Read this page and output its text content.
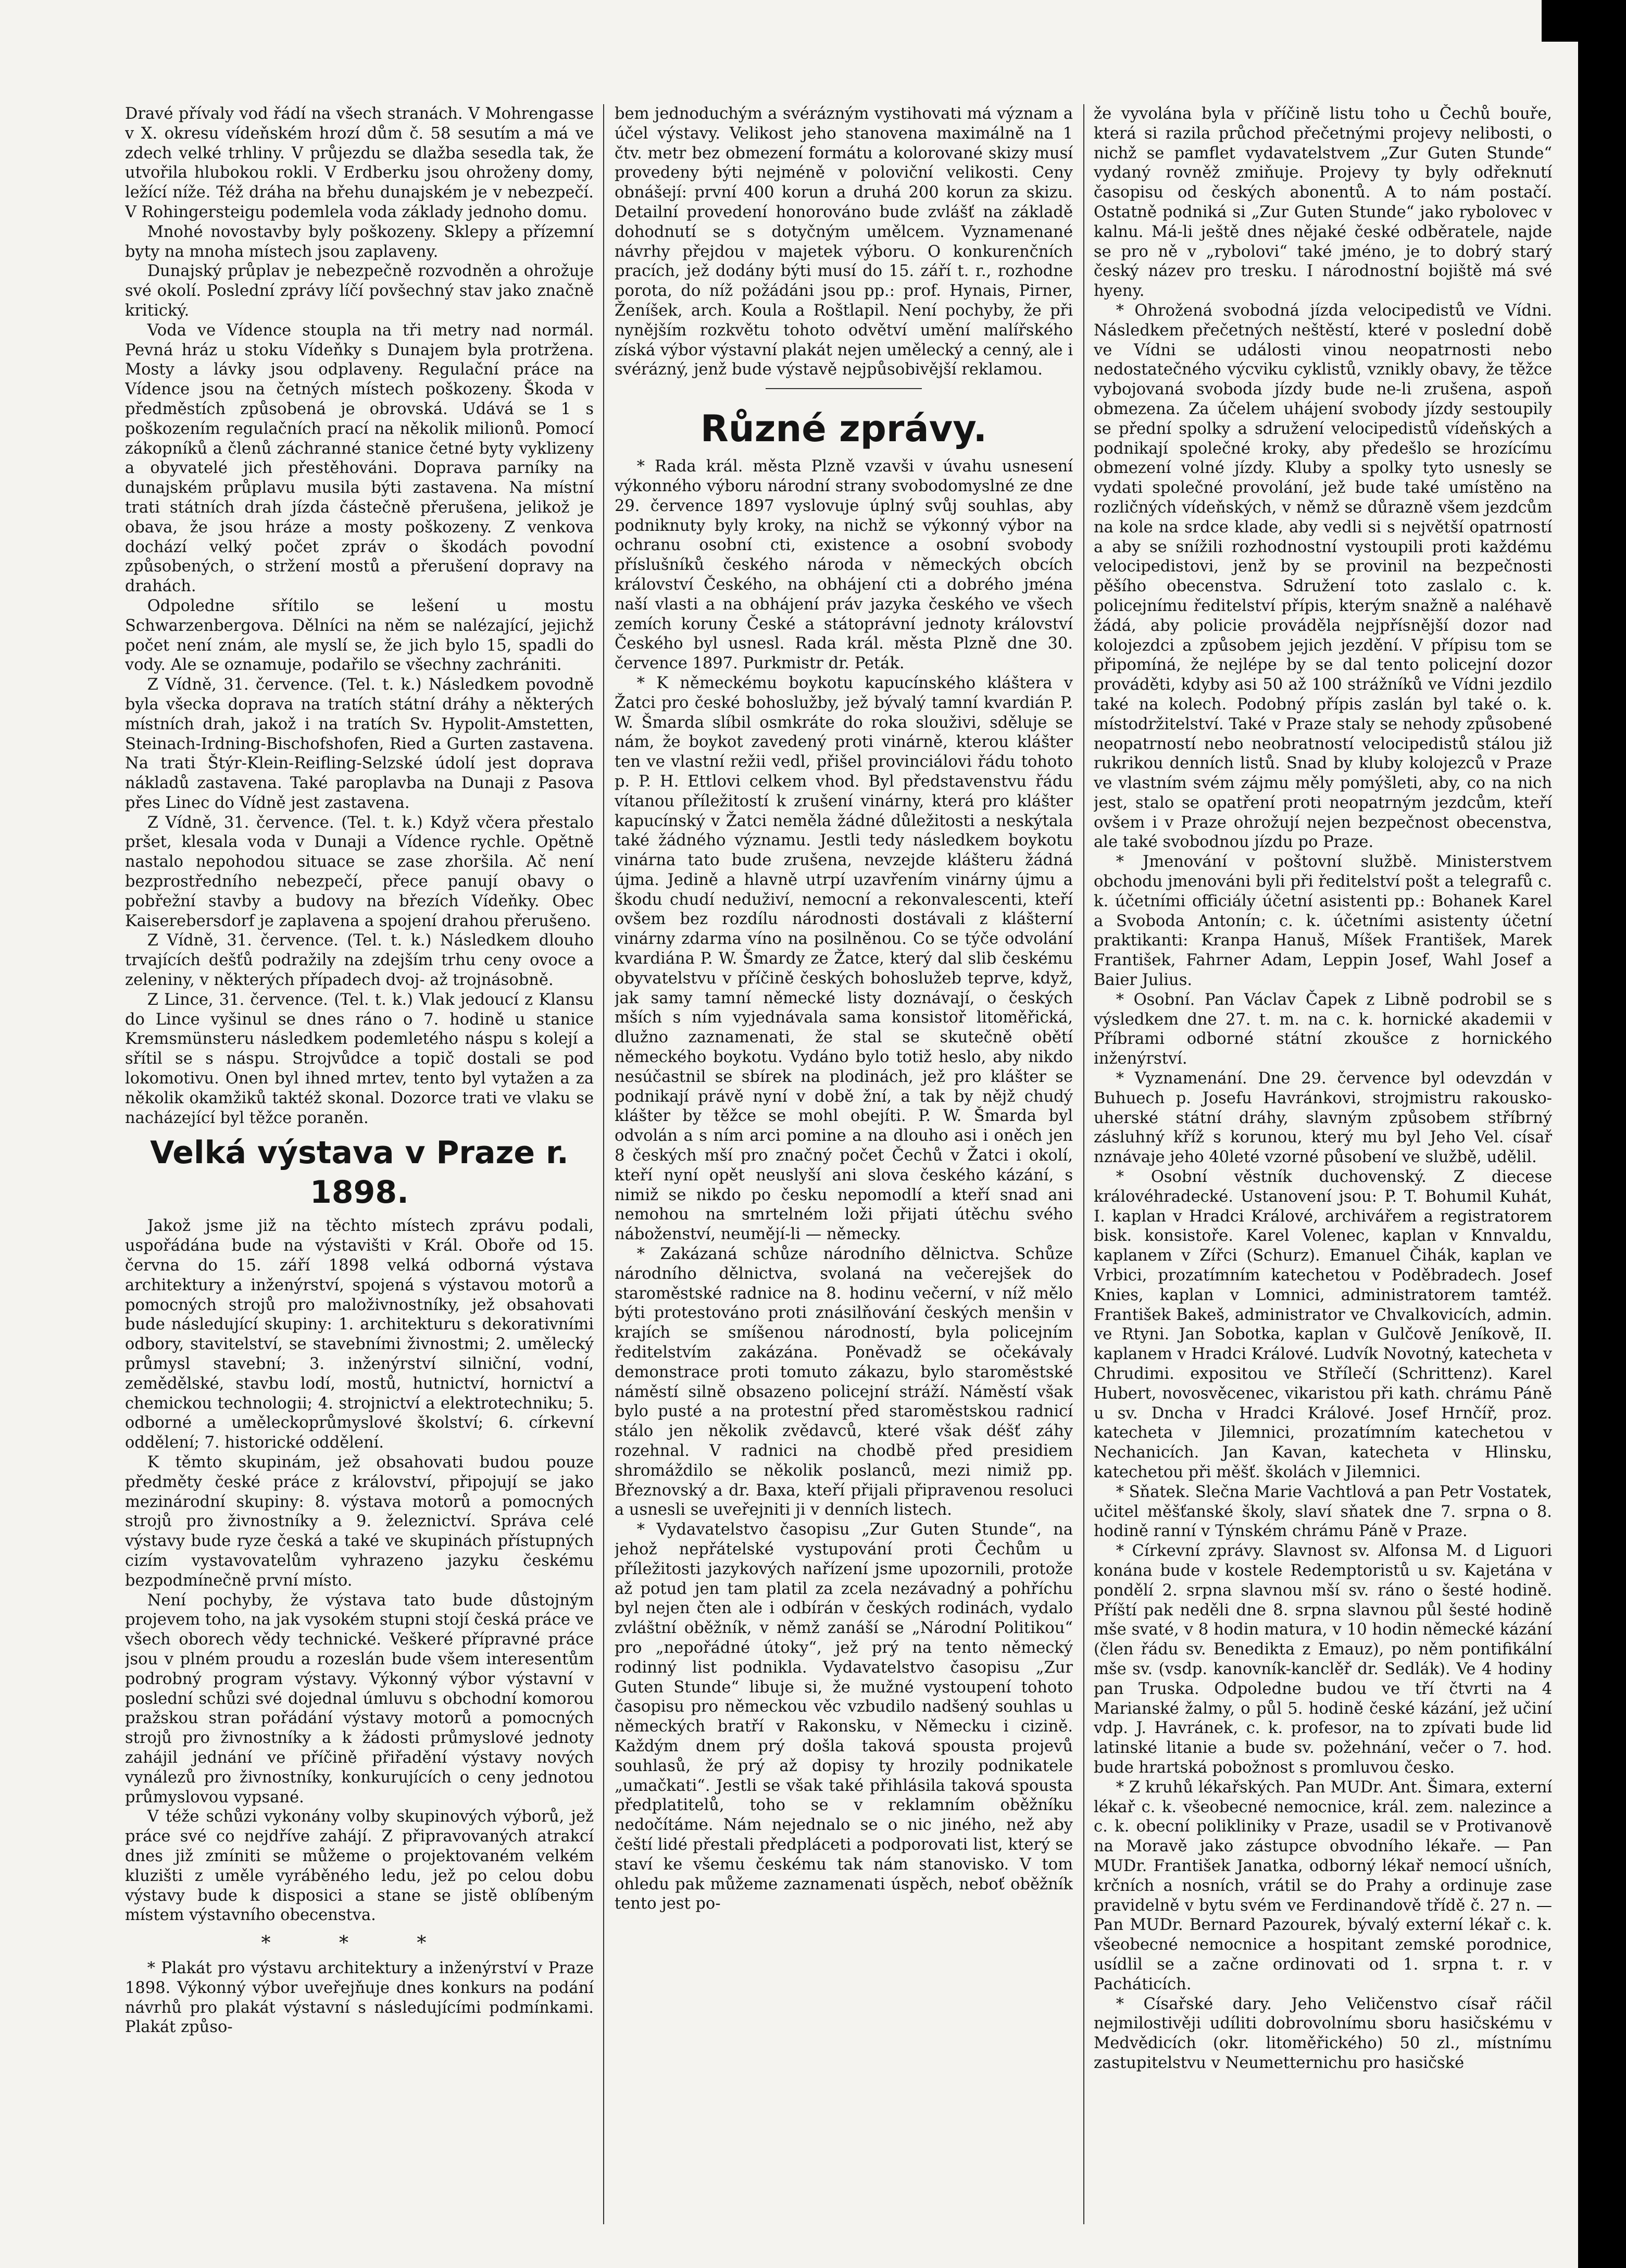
Dravé přívaly vod řádí na všech stranách. V Mohrengasse v X. okresu vídeňském hrozí dům č. 58 sesutím a má ve zdech velké trhliny. V průjezdu se dlažba sesedla tak, že utvořila hlubokou rokli. V Erdberku jsou ohroženy domy, ležící níže. Též dráha na břehu dunajském je v nebezpečí. V Rohingersteigu podemlela voda základy jednoho domu.

Mnohé novostavby byly poškozeny. Sklepy a přízemní byty na mnoha místech jsou zaplaveny.

Dunajský průplav je nebezpečně rozvodněn a ohrožuje své okolí. Poslední zprávy líčí povšechný stav jako značně kritický.

Voda ve Vídence stoupla na tři metry nad normál. Pevná hráz u stoku Vídeňky s Dunajem byla protržena. Mosty a lávky jsou odplaveny. Regulační práce na Vídence jsou na četných místech poškozeny. Škoda v předměstích způsobená je obrovská. Udává se 1 s poškozením regulačních prací na několik milionů. Pomocí zákopníků a členů záchranné stanice četné byty vyklizeny a obyvatelé jich přestěhováni. Doprava parníky na dunajském průplavu musila býti zastavena. Na místní trati státních drah jízda částečně přerušena, jelikož je obava, že jsou hráze a mosty poškozeny. Z venkova dochází velký počet zpráv o škodách povodní způsobených, o stržení mostů a přerušení dopravy na drahách.

Odpoledne sřítilo se lešení u mostu Schwarzenbergova. Dělníci na něm se nalézající, jejichž počet není znám, ale myslí se, že jich bylo 15, spadli do vody. Ale se oznamuje, podařilo se všechny zachrániti.

Z Vídně, 31. července. (Tel. t. k.) Následkem povodně byla všecka doprava na tratích státní dráhy a některých místních drah, jakož i na tratích Sv. Hypolit-Amstetten, Steinach-Irdning-Bischofshofen, Ried a Gurten zastavena. Na trati Štýr-Klein-Reifling-Selzské údolí jest doprava nákladů zastavena. Také paroplavba na Dunaji z Pasova přes Linec do Vídně jest zastavena.

Z Vídně, 31. července. (Tel. t. k.) Když včera přestalo pršet, klesala voda v Dunaji a Vídence rychle. Opětně nastalo nepohodou situace se zase zhoršila. Ač není bezprostředního nebezpečí, přece panují obavy o pobřežní stavby a budovy na březích Vídeňky. Obec Kaiserebersdorf je zaplavena a spojení drahou přerušeno.

Z Vídně, 31. července. (Tel. t. k.) Následkem dlouho trvajících dešťů podražily na zdejším trhu ceny ovoce a zeleniny, v některých případech dvoj- až trojnásobně.

Z Lince, 31. července. (Tel. t. k.) Vlak jedoucí z Klansu do Lince vyšinul se dnes ráno o 7. hodině u stanice Kremsmünsteru následkem podemletého náspu s kolejí a sřítil se s náspu. Strojvůdce a topič dostali se pod lokomotivu. Onen byl ihned mrtev, tento byl vytažen a za několik okamžiků taktéž skonal. Dozorce trati ve vlaku se nacházející byl těžce poraněn.

Velká výstava v Praze r. 1898.

Jakož jsme již na těchto místech zprávu podali, uspořádána bude na výstavišti v Král. Oboře od 15. června do 15. září 1898 velká odborná výstava architektury a inženýrství, spojená s výstavou motorů a pomocných strojů pro maloživnostníky, jež obsahovati bude následující skupiny: 1. architekturu s dekorativními odbory, stavitelství, se stavebními živnostmi; 2. umělecký průmysl stavební; 3. inženýrství silniční, vodní, zemědělské, stavbu lodí, mostů, hutnictví, hornictví a chemickou technologii; 4. strojnictví a elektrotechniku; 5. odborné a uměleckoprůmyslové školství; 6. církevní oddělení; 7. historické oddělení.

K těmto skupinám, jež obsahovati budou pouze předměty české práce z království, připojují se jako mezinárodní skupiny: 8. výstava motorů a pomocných strojů pro živnostníky a 9. železnictví. Správa celé výstavy bude ryze česká a také ve skupinách přístupných cizím vystavovatelům vyhrazeno jazyku českému bezpodmínečně první místo.

Není pochyby, že výstava tato bude důstojným projevem toho, na jak vysokém stupni stojí česká práce ve všech oborech vědy technické. Veškeré přípravné práce jsou v plném proudu a rozeslán bude všem interesentům podrobný program výstavy. Výkonný výbor výstavní v poslední schůzi své dojednal úmluvu s obchodní komorou pražskou stran pořádání výstavy motorů a pomocných strojů pro živnostníky a k žádosti průmyslové jednoty zahájil jednání ve příčině přiřadění výstavy nových vynálezů pro živnostníky, konkurujících o ceny jednotou průmyslovou vypsané.

V téže schůzi vykonány volby skupinových výborů, jež práce své co nejdříve zahájí. Z připravovaných atrakcí dnes již zmíniti se můžeme o projektovaném velkém kluzišti z uměle vyráběného ledu, jež po celou dobu výstavy bude k disposici a stane se jistě oblíbeným místem výstavního obecenstva.

* * *

* Plakát pro výstavu architektury a inženýrství v Praze 1898. Výkonný výbor uveřejňuje dnes konkurs na podání návrhů pro plakát výstavní s následujícími podmínkami. Plakát způso-

bem jednoduchým a svérázným vystihovati má význam a účel výstavy. Velikost jeho stanovena maximálně na 1 čtv. metr bez obmezení formátu a kolorované skizy musí provedeny býti nejméně v poloviční velikosti. Ceny obnášejí: první 400 korun a druhá 200 korun za skizu. Detailní provedení honorováno bude zvlášť na základě dohodnutí se s dotyčným umělcem. Vyznamenané návrhy přejdou v majetek výboru. O konkurenčních pracích, jež dodány býti musí do 15. září t. r., rozhodne porota, do níž požádáni jsou pp.: prof. Hynais, Pirner, Ženíšek, arch. Koula a Roštlapil. Není pochyby, že při nynějším rozkvětu tohoto odvětví umění malířského získá výbor výstavní plakát nejen umělecký a cenný, ale i svérázný, jenž bude výstavě nejpůsobivější reklamou.

Různé zprávy.

* Rada král. města Plzně vzavši v úvahu usnesení výkonného výboru národní strany svobodomyslné ze dne 29. července 1897 vyslovuje úplný svůj souhlas, aby podniknuty byly kroky, na nichž se výkonný výbor na ochranu osobní cti, existence a osobní svobody příslušníků českého národa v německých obcích království Českého, na obhájení cti a dobrého jména naší vlasti a na obhájení práv jazyka českého ve všech zemích koruny České a státoprávní jednoty království Českého byl usnesl. Rada král. města Plzně dne 30. července 1897. Purkmistr dr. Peták.

* K německému boykotu kapucínského kláštera v Žatci pro české bohoslužby, jež bývalý tamní kvardián P. W. Šmarda slíbil osmkráte do roka slouživi, sděluje se nám, že boykot zavedený proti vinárně, kterou klášter ten ve vlastní režii vedl, přišel provinciálovi řádu tohoto p. P. H. Ettlovi celkem vhod. Byl představenstvu řádu vítanou příležitostí k zrušení vinárny, která pro klášter kapucínský v Žatci neměla žádné důležitosti a neskýtala také žádného významu. Jestli tedy následkem boykotu vinárna tato bude zrušena, nevzejde klášteru žádná újma. Jedině a hlavně utrpí uzavřením vinárny újmu a škodu chudí neduživí, nemocní a rekonvalescenti, kteří ovšem bez rozdílu národnosti dostávali z klášterní vinárny zdarma víno na posilněnou. Co se týče odvolání kvardiána P. W. Šmardy ze Žatce, který dal slib českému obyvatelstvu v příčině českých bohoslužeb teprve, když, jak samy tamní německé listy doznávají, o českých mších s ním vyjednávala sama konsistoř litoměřická, dlužno zaznamenati, že stal se skutečně obětí německého boykotu. Vydáno bylo totiž heslo, aby nikdo nesúčastnil se sbírek na plodinách, jež pro klášter se podnikají právě nyní v době žní, a tak by nějž chudý klášter by těžce se mohl obejíti. P. W. Šmarda byl odvolán a s ním arci pomine a na dlouho asi i oněch jen 8 českých mší pro značný počet Čechů v Žatci i okolí, kteří nyní opět neuslyší ani slova českého kázání, s nimiž se nikdo po česku nepomodlí a kteří snad ani nemohou na smrtelném loži přijati útěchu svého náboženství, neumějí-li — německy.

* Zakázaná schůze národního dělnictva. Schůze národního dělnictva, svolaná na večerejšek do staroměstské radnice na 8. hodinu večerní, v níž mělo býti protestováno proti znásilňování českých menšin v krajích se smíšenou národností, byla policejním ředitelstvím zakázána. Poněvadž se očekávaly demonstrace proti tomuto zákazu, bylo staroměstské náměstí silně obsazeno policejní stráží. Náměstí však bylo pusté a na protestní před staroměstskou radnicí stálo jen několik zvědavců, které však déšť záhy rozehnal. V radnici na chodbě před presidiem shromáždilo se několik poslanců, mezi nimiž pp. Březnovský a dr. Baxa, kteří přijali připravenou resoluci a usnesli se uveřejniti ji v denních listech.

* Vydavatelstvo časopisu „Zur Guten Stunde“, na jehož nepřátelské vystupování proti Čechům u příležitosti jazykových nařízení jsme upozornili, protože až potud jen tam platil za zcela nezávadný a pohříchu byl nejen čten ale i odbírán v českých rodinách, vydalo zvláštní oběžník, v němž zanáší se „Národní Politikou“ pro „nepořádné útoky“, jež prý na tento německý rodinný list podnikla. Vydavatelstvo časopisu „Zur Guten Stunde“ libuje si, že mužné vystoupení tohoto časopisu pro německou věc vzbudilo nadšený souhlas u německých bratří v Rakonsku, v Německu i cizině. Každým dnem prý došla taková spousta projevů souhlasů, že prý až dopisy ty hrozily podnikatele „umačkati“. Jestli se však také přihlásila taková spousta předplatitelů, toho se v reklamním oběžníku nedočítáme. Nám nejednalo se o nic jiného, než aby čeští lidé přestali předpláceti a podporovati list, který se staví ke všemu českému tak nám stanovisko. V tom ohledu pak můžeme zaznamenati úspěch, neboť oběžník tento jest po-

že vyvolána byla v příčině listu toho u Čechů bouře, která si razila průchod přečetnými projevy nelibosti, o nichž se pamflet vydavatelstvem „Zur Guten Stunde“ vydaný rovněž zmiňuje. Projevy ty byly odřeknutí časopisu od českých abonentů. A to nám postačí. Ostatně podniká si „Zur Guten Stunde“ jako rybolovec v kalnu. Má-li ještě dnes nějaké české odběratele, najde se pro ně v „rybolovi“ také jméno, je to dobrý starý český název pro tresku. I národnostní bojiště má své hyeny.

* Ohrožená svobodná jízda velocipedistů ve Vídni. Následkem přečetných neštěstí, které v poslední době ve Vídni se události vinou neopatrnosti nebo nedostatečného výcviku cyklistů, vznikly obavy, že těžce vybojovaná svoboda jízdy bude ne-li zrušena, aspoň obmezena. Za účelem uhájení svobody jízdy sestoupily se přední spolky a sdružení velocipedistů vídeňských a podnikají společné kroky, aby předešlo se hrozícímu obmezení volné jízdy. Kluby a spolky tyto usnesly se vydati společné provolání, jež bude také umístěno na rozličných vídeňských, v němž se důrazně všem jezdcům na kole na srdce klade, aby vedli si s největší opatrností a aby se snížili rozhodnostní vystoupili proti každému velocipedistovi, jenž by se provinil na bezpečnosti pěšího obecenstva. Sdružení toto zaslalo c. k. policejnímu ředitelství přípis, kterým snažně a naléhavě žádá, aby policie prováděla nejpřísnější dozor nad kolojezdci a způsobem jejich jezdění. V přípisu tom se připomíná, že nejlépe by se dal tento policejní dozor prováděti, kdyby asi 50 až 100 strážníků ve Vídni jezdilo také na kolech. Podobný přípis zaslán byl také o. k. místodržitelství. Také v Praze staly se nehody způsobené neopatrností nebo neobratností velocipedistů stálou již rukrikou denních listů. Snad by kluby kolojezců v Praze ve vlastním svém zájmu měly pomýšleti, aby, co na nich jest, stalo se opatření proti neopatrným jezdcům, kteří ovšem i v Praze ohrožují nejen bezpečnost obecenstva, ale také svobodnou jízdu po Praze.

* Jmenování v poštovní službě. Ministerstvem obchodu jmenováni byli při ředitelství pošt a telegrafů c. k. účetními officiály účetní asistenti pp.: Bohanek Karel a Svoboda Antonín; c. k. účetními asistenty účetní praktikanti: Kranpa Hanuš, Míšek František, Marek František, Fahrner Adam, Leppin Josef, Wahl Josef a Baier Julius.

* Osobní. Pan Václav Čapek z Libně podrobil se s výsledkem dne 27. t. m. na c. k. hornické akademii v Příbrami odborné státní zkoušce z hornického inženýrství.

* Vyznamenání. Dne 29. července byl odevzdán v Buhuech p. Josefu Havránkovi, strojmistru rakousko-uherské státní dráhy, slavným způsobem stříbrný zásluhný kříž s korunou, který mu byl Jeho Vel. císař nznávaje jeho 40leté vzorné působení ve službě, udělil.

* Osobní věstník duchovenský. Z diecese královéhradecké. Ustanovení jsou: P. T. Bohumil Kuhát, I. kaplan v Hradci Králové, archivářem a registratorem bisk. konsistoře. Karel Volenec, kaplan v Knnvaldu, kaplanem v Zířci (Schurz). Emanuel Čihák, kaplan ve Vrbici, prozatímním katechetou v Poděbradech. Josef Knies, kaplan v Lomnici, administratorem tamtéž. František Bakeš, administrator ve Chvalkovicích, admin. ve Rtyni. Jan Sobotka, kaplan v Gulčově Jeníkově, II. kaplanem v Hradci Králové. Ludvík Novotný, katecheta v Chrudimi. expositou ve Střílečí (Schrittenz). Karel Hubert, novosvěcenec, vikaristou při kath. chrámu Páně u sv. Dncha v Hradci Králové. Josef Hrnčíř, proz. katecheta v Jilemnici, prozatímním katechetou v Nechanicích. Jan Kavan, katecheta v Hlinsku, katechetou při měšť. školách v Jilemnici.

* Sňatek. Slečna Marie Vachtlová a pan Petr Vostatek, učitel měšťanské školy, slaví sňatek dne 7. srpna o 8. hodině ranní v Týnském chrámu Páně v Praze.

* Církevní zprávy. Slavnost sv. Alfonsa M. d Liguori konána bude v kostele Redemptoristů u sv. Kajetána v pondělí 2. srpna slavnou mší sv. ráno o šesté hodině. Příští pak neděli dne 8. srpna slavnou půl šesté hodině mše svaté, v 8 hodin matura, v 10 hodin německé kázání (člen řádu sv. Benedikta z Emauz), po něm pontifikální mše sv. (vsdp. kanovník-kanclěř dr. Sedlák). Ve 4 hodiny pan Truska. Odpoledne budou ve tří čtvrti na 4 Marianské žalmy, o půl 5. hodině české kázání, jež učiní vdp. J. Havránek, c. k. profesor, na to zpívati bude lid latinské litanie a bude sv. požehnání, večer o 7. hod. bude hrartská pobožnost s promluvou česko.

* Z kruhů lékařských. Pan MUDr. Ant. Šimara, externí lékař c. k. všeobecné nemocnice, král. zem. nalezince a c. k. obecní polikliniky v Praze, usadil se v Protivanově na Moravě jako zástupce obvodního lékaře. — Pan MUDr. František Janatka, odborný lékař nemocí ušních, krčních a nosních, vrátil se do Prahy a ordinuje zase pravidelně v bytu svém ve Ferdinandově třídě č. 27 n. — Pan MUDr. Bernard Pazourek, bývalý externí lékař c. k. všeobecné nemocnice a hospitant zemské porodnice, usídlil se a začne ordinovati od 1. srpna t. r. v Pacháticích.

* Císařské dary. Jeho Veličenstvo císař ráčil nejmilostivěji udíliti dobrovolnímu sboru hasičskému v Medvědicích (okr. litoměřického) 50 zl., místnímu zastupitelstvu v Neumetternichu pro hasičské
